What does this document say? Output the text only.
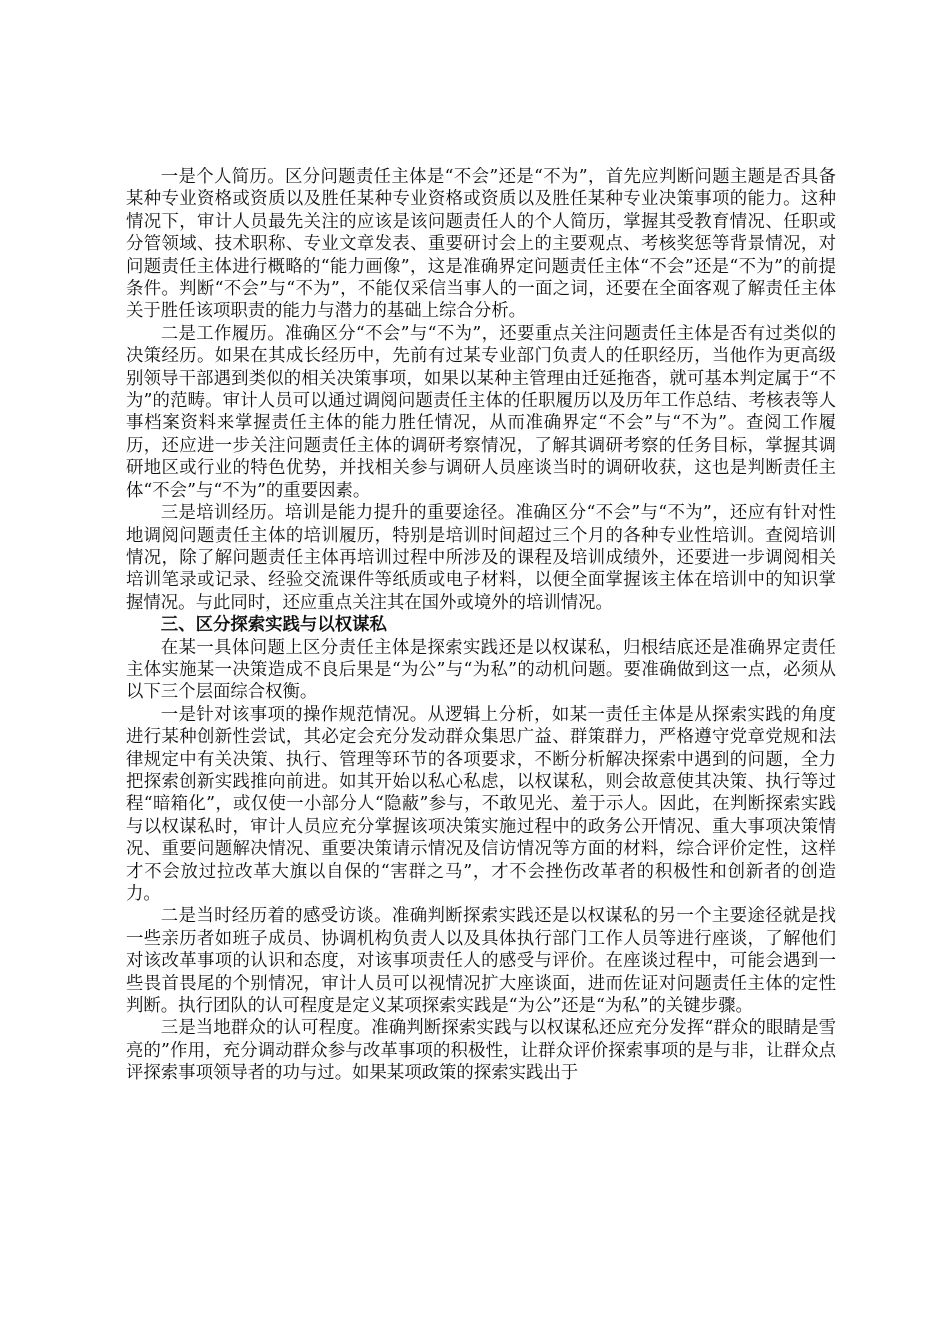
一是个人简历。区分问题责任主体是“不会”还是“不为”，首先应判断问题主题是否具备某种专业资格或资质以及胜任某种专业资格或资质以及胜任某种专业决策事项的能力。这种情况下，审计人员最先关注的应该是该问题责任人的个人简历，掌握其受教育情况、任职或分管领域、技术职称、专业文章发表、重要研讨会上的主要观点、考核奖惩等背景情况，对问题责任主体进行概略的“能力画像”，这是准确界定问题责任主体“不会”还是“不为”的前提条件。判断“不会”与“不为”，不能仅采信当事人的一面之词，还要在全面客观了解责任主体关于胜任该项职责的能力与潜力的基础上综合分析。

二是工作履历。准确区分“不会”与“不为”，还要重点关注问题责任主体是否有过类似的决策经历。如果在其成长经历中，先前有过某专业部门负责人的任职经历，当他作为更高级别领导干部遇到类似的相关决策事项，如果以某种主管理由迁延拖沓，就可基本判定属于“不为”的范畴。审计人员可以通过调阅问题责任主体的任职履历以及历年工作总结、考核表等人事档案资料来掌握责任主体的能力胜任情况，从而准确界定“不会”与“不为”。查阅工作履历，还应进一步关注问题责任主体的调研考察情况，了解其调研考察的任务目标，掌握其调研地区或行业的特色优势，并找相关参与调研人员座谈当时的调研收获，这也是判断责任主体“不会”与“不为”的重要因素。

三是培训经历。培训是能力提升的重要途径。准确区分“不会”与“不为”，还应有针对性地调阅问题责任主体的培训履历，特别是培训时间超过三个月的各种专业性培训。查阅培训情况，除了解问题责任主体再培训过程中所涉及的课程及培训成绩外，还要进一步调阅相关培训笔录或记录、经验交流课件等纸质或电子材料，以便全面掌握该主体在培训中的知识掌握情况。与此同时，还应重点关注其在国外或境外的培训情况。

三、区分探索实践与以权谋私

在某一具体问题上区分责任主体是探索实践还是以权谋私，归根结底还是准确界定责任主体实施某一决策造成不良后果是“为公”与“为私”的动机问题。要准确做到这一点，必须从以下三个层面综合权衡。

一是针对该事项的操作规范情况。从逻辑上分析，如某一责任主体是从探索实践的角度进行某种创新性尝试，其必定会充分发动群众集思广益、群策群力，严格遵守党章党规和法律规定中有关决策、执行、管理等环节的各项要求，不断分析解决探索中遇到的问题，全力把探索创新实践推向前进。如其开始以私心私虑，以权谋私，则会故意使其决策、执行等过程“暗箱化”，或仅使一小部分人“隐蔽”参与，不敢见光、羞于示人。因此，在判断探索实践与以权谋私时，审计人员应充分掌握该项决策实施过程中的政务公开情况、重大事项决策情况、重要问题解决情况、重要决策请示情况及信访情况等方面的材料，综合评价定性，这样才不会放过拉改革大旗以自保的“害群之马”，才不会挫伤改革者的积极性和创新者的创造力。

二是当时经历着的感受访谈。准确判断探索实践还是以权谋私的另一个主要途径就是找一些亲历者如班子成员、协调机构负责人以及具体执行部门工作人员等进行座谈，了解他们对该改革事项的认识和态度，对该事项责任人的感受与评价。在座谈过程中，可能会遇到一些畏首畏尾的个别情况，审计人员可以视情况扩大座谈面，进而佐证对问题责任主体的定性判断。执行团队的认可程度是定义某项探索实践是“为公”还是“为私”的关键步骤。

三是当地群众的认可程度。准确判断探索实践与以权谋私还应充分发挥“群众的眼睛是雪亮的”作用，充分调动群众参与改革事项的积极性，让群众评价探索事项的是与非，让群众点评探索事项领导者的功与过。如果某项政策的探索实践出于
